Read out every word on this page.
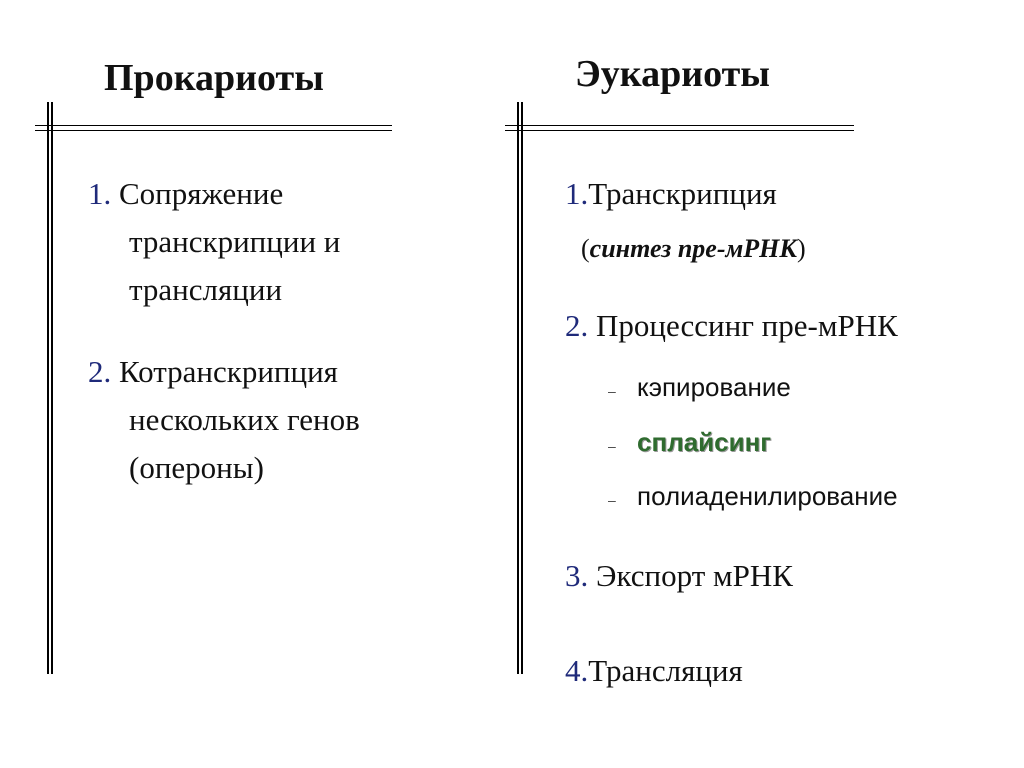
Прокариоты	Эукариоты
1. Сопряжение
транскрипции и
трансляции
2. Котранскрипция
нескольких генов
(опероны)
1.Транскрипция
(синтез пре-мРНК)
2. Процессинг пре-мРНК
– кэпирование
– сплайсинг
– полиаденилирование
3. Экспорт мРНК
4.Трансляция
